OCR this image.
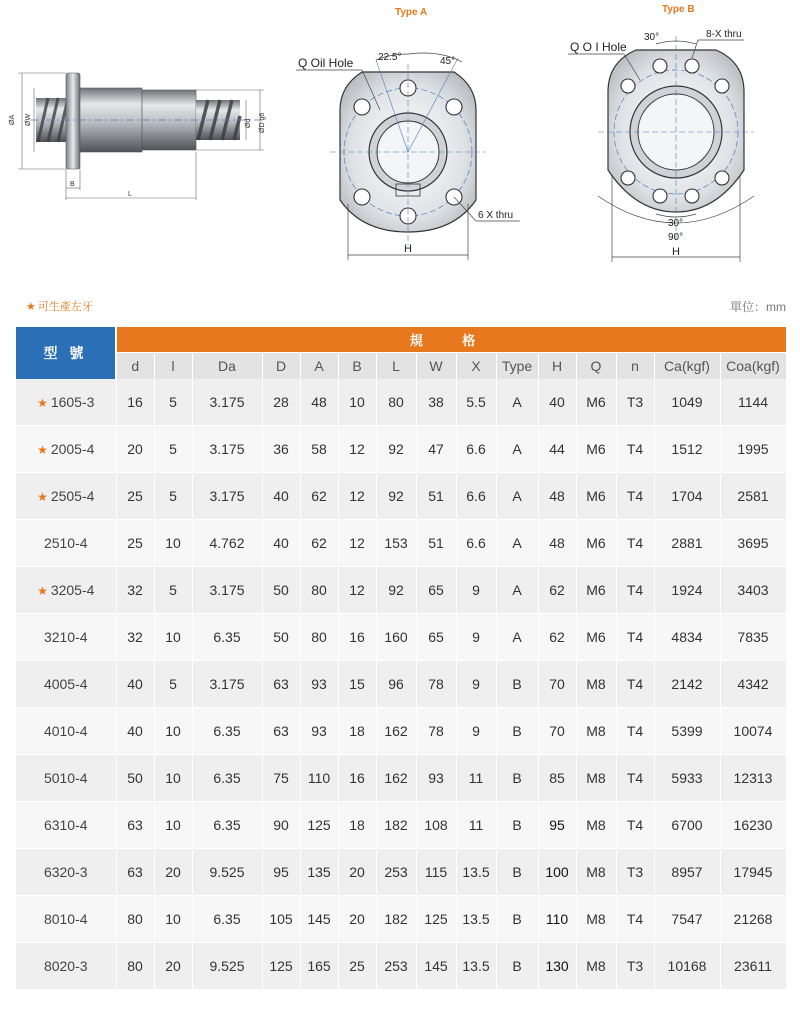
Type A	Type B
ØA ØW	Ød ØD g6
B
L
Q Oil Hole 22.5°	45°
6 X thru
H
Q O I Hole
30°	8-X thru
30°
90°
H
★ 可生產左牙	單位：mm
型 號	規 格														
	d	l	Da	D	A	B	L	W	X	Type	H	Q	n	Ca(kgf)	Coa(kgf)
★ 1605-3	16	5	3.175	28	48	10	80	38	5.5	A	40	M6	T3	1049	1144
★ 2005-4	20	5	3.175	36	58	12	92	47	6.6	A	44	M6	T4	1512	1995
★ 2505-4	25	5	3.175	40	62	12	92	51	6.6	A	48	M6	T4	1704	2581
2510-4	25	10	4.762	40	62	12	153	51	6.6	A	48	M6	T4	2881	3695
★ 3205-4	32	5	3.175	50	80	12	92	65	9	A	62	M6	T4	1924	3403
3210-4	32	10	6.35	50	80	16	160	65	9	A	62	M6	T4	4834	7835
4005-4	40	5	3.175	63	93	15	96	78	9	B	70	M8	T4	2142	4342
4010-4	40	10	6.35	63	93	18	162	78	9	B	70	M8	T4	5399	10074
5010-4	50	10	6.35	75	110	16	162	93	11	B	85	M8	T4	5933	12313
6310-4	63	10	6.35	90	125	18	182	108	11	B	95	M8	T4	6700	16230
6320-3	63	20	9.525	95	135	20	253	115	13.5	B	100	M8	T3	8957	17945
8010-4	80	10	6.35	105	145	20	182	125	13.5	B	110	M8	T4	7547	21268
8020-3	80	20	9.525	125	165	25	253	145	13.5	B	130	M8	T3	10168	23611
